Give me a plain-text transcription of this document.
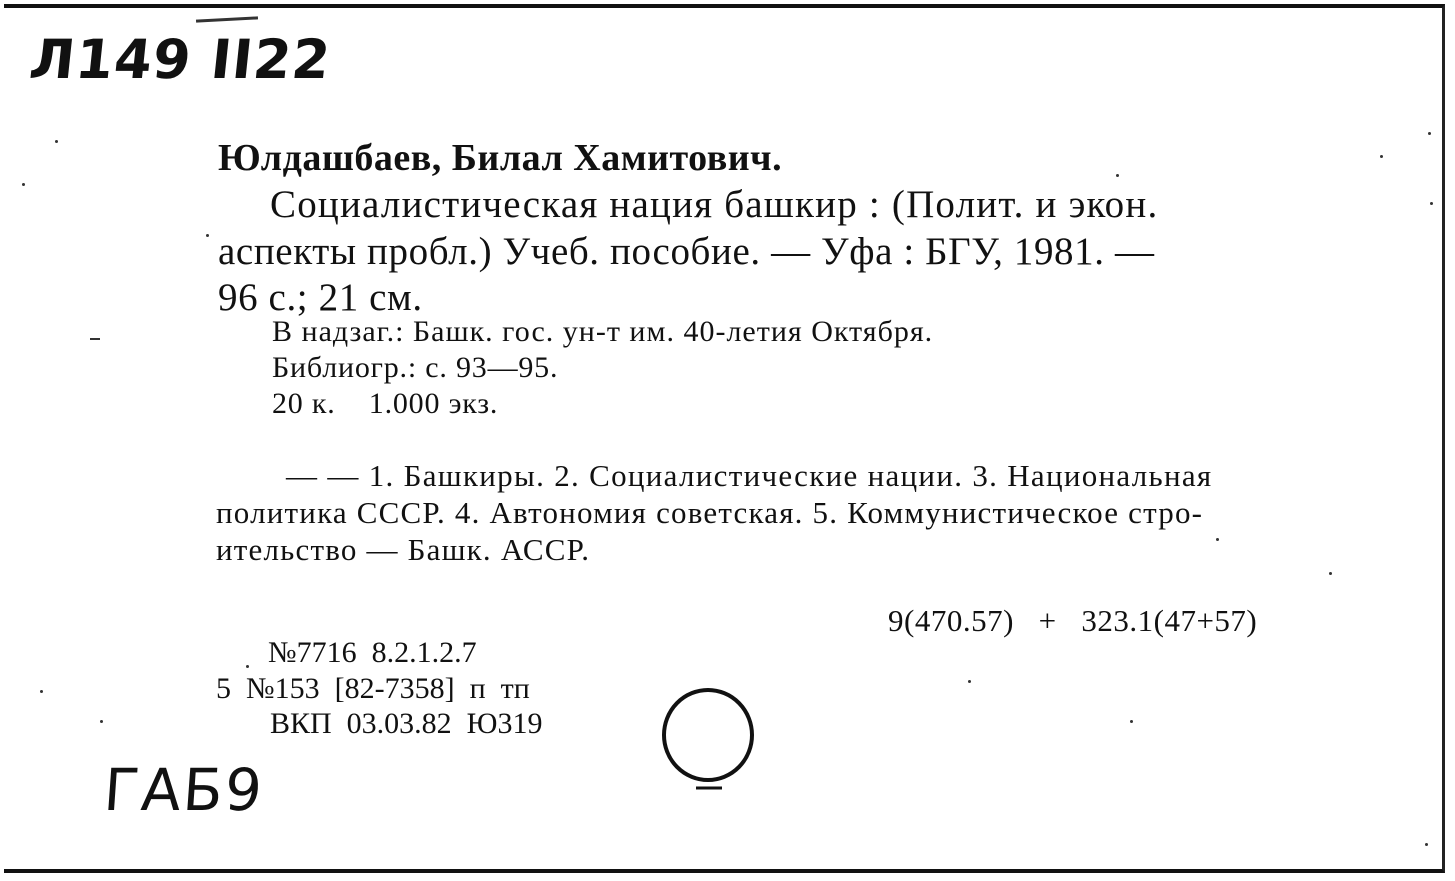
Л149 ІІ22
Юлдашбаев, Билал Хамитович.
Социалистическая нация башкир : (Полит. и экон.
аспекты пробл.) Учеб. пособие. — Уфа : БГУ, 1981. —
96 с.; 21 см.
В надзаг.: Башк. гос. ун-т им. 40-летия Октября.
Библиогр.: с. 93—95.
20 к.    1.000 экз.
— — 1. Башкиры. 2. Социалистические нации. 3. Национальная
политика СССР. 4. Автономия советская. 5. Коммунистическое стро-
ительство — Башк. АССР.
9(470.57)   +   323.1(47+57)
№7716  8.2.1.2.7
5  №153  [82-7358]  п  тп
ВКП  03.03.82  Ю319
ГАБ9
